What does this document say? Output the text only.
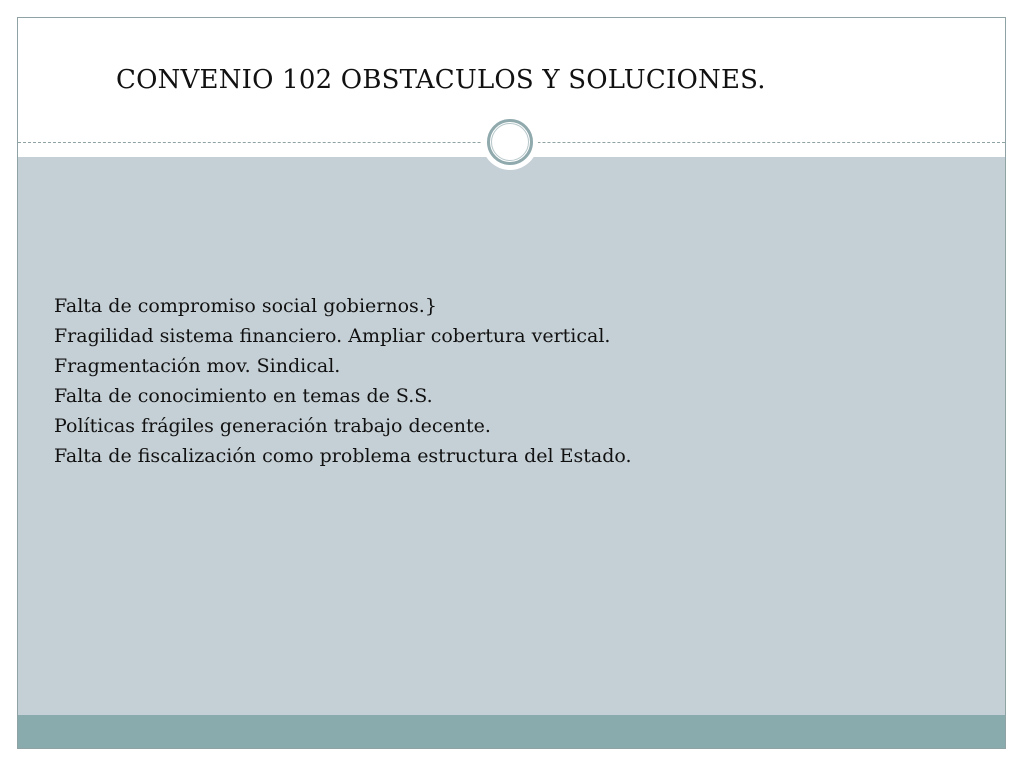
CONVENIO 102 OBSTACULOS Y SOLUCIONES.
Falta de compromiso social gobiernos.}
Fragilidad sistema financiero. Ampliar cobertura vertical.
Fragmentación mov. Sindical.
Falta de conocimiento en temas de S.S.
Políticas frágiles generación trabajo decente.
Falta de fiscalización como problema estructura del Estado.
